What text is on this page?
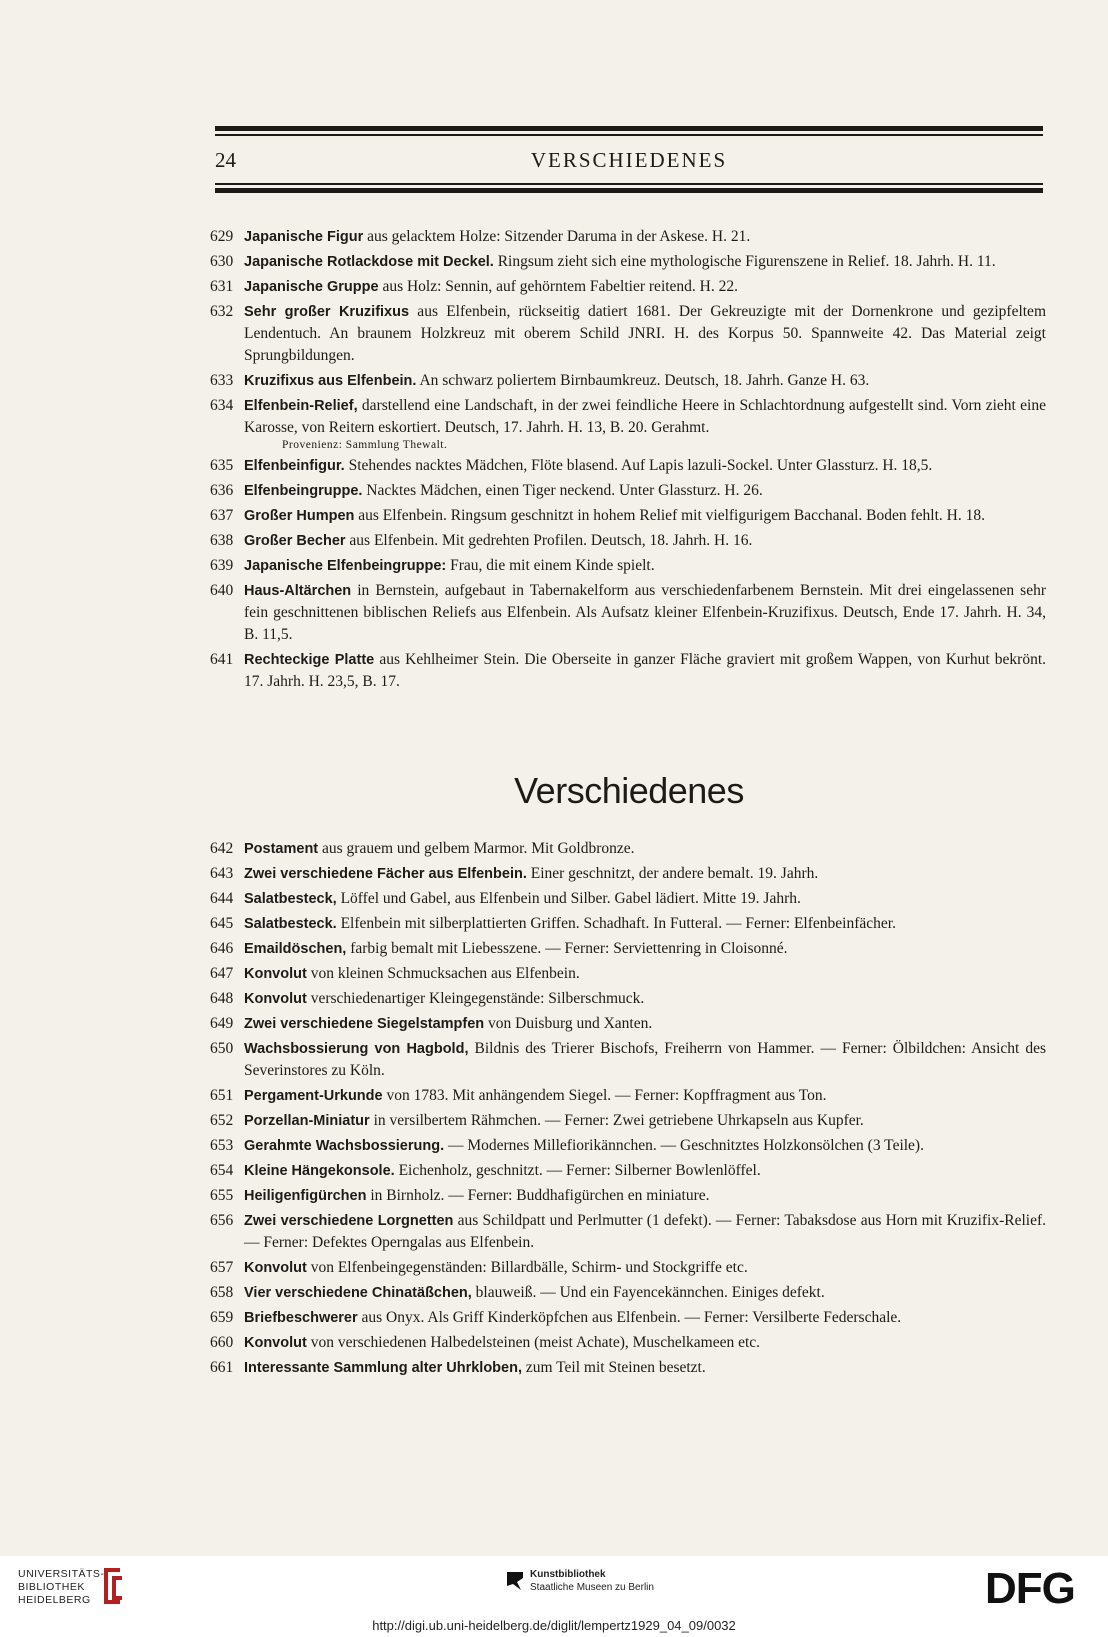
24	VERSCHIEDENES
629 Japanische Figur aus gelacktem Holze: Sitzender Daruma in der Askese. H. 21.
630 Japanische Rotlackdose mit Deckel. Ringsum zieht sich eine mythologische Figurenszene in Relief. 18. Jahrh. H. 11.
631 Japanische Gruppe aus Holz: Sennin, auf gehörntem Fabeltier reitend. H. 22.
632 Sehr großer Kruzifixus aus Elfenbein, rückseitig datiert 1681. Der Gekreuzigte mit der Dornenkrone und gezipfeltem Lendentuch. An braunem Holzkreuz mit oberem Schild JNRI. H. des Korpus 50. Spannweite 42. Das Material zeigt Sprungbildungen.
633 Kruzifixus aus Elfenbein. An schwarz poliertem Birnbaumkreuz. Deutsch, 18. Jahrh. Ganze H. 63.
634 Elfenbein-Relief, darstellend eine Landschaft, in der zwei feindliche Heere in Schlachtordnung aufgestellt sind. Vorn zieht eine Karosse, von Reitern eskortiert. Deutsch, 17. Jahrh. H. 13, B. 20. Gerahmt.
Provenienz: Sammlung Thewalt.
635 Elfenbeinfigur. Stehendes nacktes Mädchen, Flöte blasend. Auf Lapis lazuli-Sockel. Unter Glassturz. H. 18,5.
636 Elfenbeingruppe. Nacktes Mädchen, einen Tiger neckend. Unter Glassturz. H. 26.
637 Großer Humpen aus Elfenbein. Ringsum geschnitzt in hohem Relief mit vielfigurigem Bacchanal. Boden fehlt. H. 18.
638 Großer Becher aus Elfenbein. Mit gedrehten Profilen. Deutsch, 18. Jahrh. H. 16.
639 Japanische Elfenbeingruppe: Frau, die mit einem Kinde spielt.
640 Haus-Altärchen in Bernstein, aufgebaut in Tabernakelform aus verschiedenfarbenem Bernstein. Mit drei eingelassenen sehr fein geschnittenen biblischen Reliefs aus Elfenbein. Als Aufsatz kleiner Elfenbein-Kruzifixus. Deutsch, Ende 17. Jahrh. H. 34, B. 11,5.
641 Rechteckige Platte aus Kehlheimer Stein. Die Oberseite in ganzer Fläche graviert mit großem Wappen, von Kurhut bekrönt. 17. Jahrh. H. 23,5, B. 17.
Verschiedenes
642 Postament aus grauem und gelbem Marmor. Mit Goldbronze.
643 Zwei verschiedene Fächer aus Elfenbein. Einer geschnitzt, der andere bemalt. 19. Jahrh.
644 Salatbesteck, Löffel und Gabel, aus Elfenbein und Silber. Gabel lädiert. Mitte 19. Jahrh.
645 Salatbesteck. Elfenbein mit silberplattierten Griffen. Schadhaft. In Futteral. — Ferner: Elfenbeinfächer.
646 Emaildöschen, farbig bemalt mit Liebesszene. — Ferner: Serviettenring in Cloisonné.
647 Konvolut von kleinen Schmucksachen aus Elfenbein.
648 Konvolut verschiedenartiger Kleingegenstände: Silberschmuck.
649 Zwei verschiedene Siegelstampfen von Duisburg und Xanten.
650 Wachsbossierung von Hagbold, Bildnis des Trierer Bischofs, Freiherrn von Hammer. — Ferner: Ölbildchen: Ansicht des Severinstores zu Köln.
651 Pergament-Urkunde von 1783. Mit anhängendem Siegel. — Ferner: Kopffragment aus Ton.
652 Porzellan-Miniatur in versilbertem Rähmchen. — Ferner: Zwei getriebene Uhrkapseln aus Kupfer.
653 Gerahmte Wachsbossierung. — Modernes Millefiorikännchen. — Geschnitztes Holzkonsölchen (3 Teile).
654 Kleine Hängekonsole. Eichenholz, geschnitzt. — Ferner: Silberner Bowlenlöffel.
655 Heiligenfigürchen in Birnholz. — Ferner: Buddhafigürchen en miniature.
656 Zwei verschiedene Lorgnetten aus Schildpatt und Perlmutter (1 defekt). — Ferner: Tabaksdose aus Horn mit Kruzifix-Relief. — Ferner: Defektes Operngalas aus Elfenbein.
657 Konvolut von Elfenbeingegenständen: Billardbälle, Schirm- und Stockgriffe etc.
658 Vier verschiedene Chinatäßchen, blauweiß. — Und ein Fayencekännchen. Einiges defekt.
659 Briefbeschwerer aus Onyx. Als Griff Kinderköpfchen aus Elfenbein. — Ferner: Versilberte Federschale.
660 Konvolut von verschiedenen Halbedelsteinen (meist Achate), Muschelkameen etc.
661 Interessante Sammlung alter Uhrkloben, zum Teil mit Steinen besetzt.
UNIVERSITÄTS-
BIBLIOTHEK
HEIDELBERG
Kunstbibliothek
Staatliche Museen zu Berlin	DFG
http://digi.ub.uni-heidelberg.de/diglit/lempertz1929_04_09/0032
